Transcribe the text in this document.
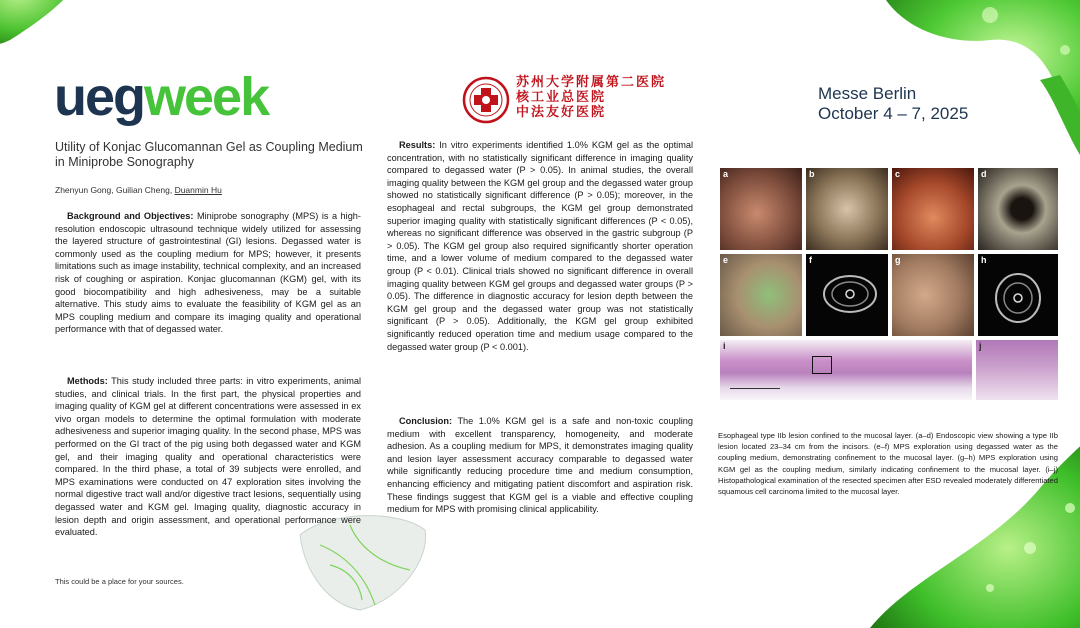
uegweek	苏州大学附属第二医院
核工业总医院
中法友好医院
Messe Berlin
October 4 – 7, 2025
Utility of Konjac Glucomannan Gel as Coupling Medium in Miniprobe Sonography
Zhenyun Gong, Guilian Cheng, Duanmin Hu
Background and Objectives: Miniprobe sonography (MPS) is a high-resolution endoscopic ultrasound technique widely utilized for assessing the layered structure of gastrointestinal (GI) lesions. Degassed water is commonly used as the coupling medium for MPS; however, it presents limitations such as image instability, technical complexity, and an increased risk of coughing or aspiration. Konjac glucomannan (KGM) gel, with its good biocompatibility and high adhesiveness, may be a suitable alternative. This study aims to evaluate the feasibility of KGM gel as an MPS coupling medium and compare its imaging quality and operational performance with that of degassed water.
Methods: This study included three parts: in vitro experiments, animal studies, and clinical trials. In the first part, the physical properties and imaging quality of KGM gel at different concentrations were assessed in ex vivo organ models to determine the optimal formulation with moderate adhesiveness and superior imaging quality. In the second phase, MPS was performed on the GI tract of the pig using both degassed water and KGM gel, and their imaging quality and operational characteristics were compared. In the third phase, a total of 39 subjects were enrolled, and MPS examinations were conducted on 47 exploration sites involving the normal digestive tract wall and/or digestive tract lesions, sequentially using degassed water and KGM gel. Imaging quality, diagnostic accuracy in lesion depth and origin assessment, and operational performance were evaluated.
Results: In vitro experiments identified 1.0% KGM gel as the optimal concentration, with no statistically significant difference in imaging quality compared to degassed water (P > 0.05). In animal studies, the overall imaging quality between the KGM gel group and the degassed water group showed no statistically significant difference (P > 0.05); moreover, in the esophageal and rectal subgroups, the KGM gel group demonstrated superior imaging quality with statistically significant differences (P < 0.05), whereas no significant difference was observed in the gastric subgroup (P > 0.05). The KGM gel group also required significantly shorter operation time, and a lower volume of medium compared to the degassed water group (P < 0.01). Clinical trials showed no significant difference in overall imaging quality between KGM gel groups and degassed water groups (P > 0.05). The difference in diagnostic accuracy for lesion depth between the KGM gel group and the degassed water group was not statistically significant (P > 0.05). Additionally, the KGM gel group exhibited significantly reduced operation time and medium usage compared to the degassed water group (P < 0.001).
Conclusion: The 1.0% KGM gel is a safe and non-toxic coupling medium with excellent transparency, homogeneity, and moderate adhesion. As a coupling medium for MPS, it demonstrates imaging quality and lesion layer assessment accuracy comparable to degassed water while significantly reducing procedure time and medium consumption, enhancing efficiency and mitigating patient discomfort and aspiration risk. These findings suggest that KGM gel is a viable and effective coupling medium for MPS with promising clinical applicability.
This could be a place for your sources.
a	b	c	d
e	f	g	h
i	j
Esophageal type IIb lesion confined to the mucosal layer. (a–d) Endoscopic view showing a type IIb lesion located 23–34 cm from the incisors. (e–f) MPS exploration using degassed water as the coupling medium, demonstrating confinement to the mucosal layer. (g–h) MPS exploration using KGM gel as the coupling medium, similarly indicating confinement to the mucosal layer. (i–j) Histopathological examination of the resected specimen after ESD revealed moderately differentiated squamous cell carcinoma limited to the mucosal layer.
